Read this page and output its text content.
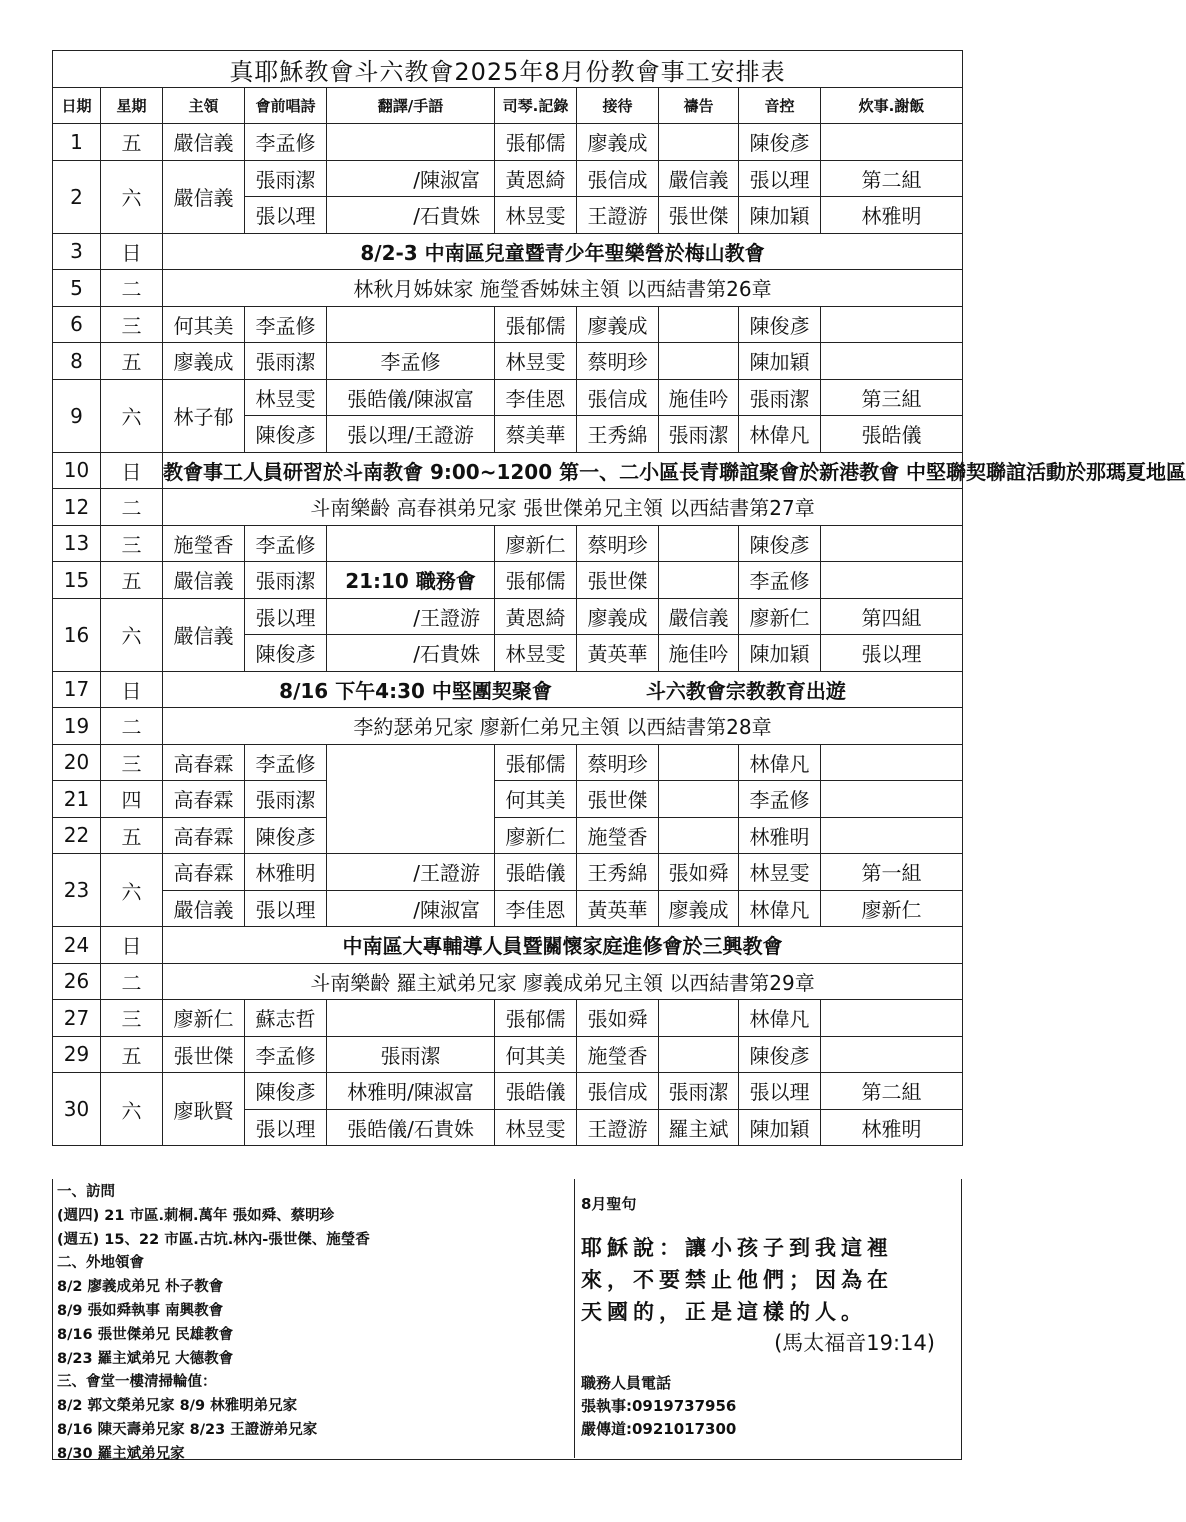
真耶穌教會斗六教會2025年8月份教會事工安排表									
日期	星期	主領	會前唱詩	翻譯/手語	司琴.記錄	接待	禱告	音控	炊事.謝飯
1	五	嚴信義	李孟修		張郁儒	廖義成		陳俊彥	
2	六	嚴信義	張雨潔	/陳淑富	黃恩綺	張信成	嚴信義	張以理	第二組
			張以理	/石貴姝	林昱雯	王證游	張世傑	陳加穎	林雅明
3	日	8/2-3 中南區兒童暨青少年聖樂營於梅山教會							
5	二	林秋月姊妹家 施瑩香姊妹主領 以西結書第26章							
6	三	何其美	李孟修		張郁儒	廖義成		陳俊彥	
8	五	廖義成	張雨潔	李孟修	林昱雯	蔡明珍		陳加穎	
9	六	林子郁	林昱雯	張皓儀/陳淑富	李佳恩	張信成	施佳吟	張雨潔	第三組
			陳俊彥	張以理/王證游	蔡美華	王秀綿	張雨潔	林偉凡	張皓儀
10	日	教會事工人員研習於斗南教會 9:00~1200 第一、二小區長青聯誼聚會於新港教會 中堅聯契聯誼活動於那瑪夏地區							
12	二	斗南樂齡 高春祺弟兄家 張世傑弟兄主領 以西結書第27章							
13	三	施瑩香	李孟修		廖新仁	蔡明珍		陳俊彥	
15	五	嚴信義	張雨潔	21:10 職務會	張郁儒	張世傑		李孟修	
16	六	嚴信義	張以理	/王證游	黃恩綺	廖義成	嚴信義	廖新仁	第四組
			陳俊彥	/石貴姝	林昱雯	黃英華	施佳吟	陳加穎	張以理
17	日	8/16 下午4:30 中堅團契聚會 斗六教會宗教教育出遊							
19	二	李約瑟弟兄家 廖新仁弟兄主領 以西結書第28章							
20	三	高春霖	李孟修		張郁儒	蔡明珍		林偉凡	
21	四	高春霖	張雨潔		何其美	張世傑		李孟修	
22	五	高春霖	陳俊彥		廖新仁	施瑩香		林雅明	
23	六	高春霖	林雅明	/王證游	張皓儀	王秀綿	張如舜	林昱雯	第一組
		嚴信義	張以理	/陳淑富	李佳恩	黃英華	廖義成	林偉凡	廖新仁
24	日	中南區大專輔導人員暨關懷家庭進修會於三興教會							
26	二	斗南樂齡 羅主斌弟兄家 廖義成弟兄主領 以西結書第29章							
27	三	廖新仁	蘇志哲		張郁儒	張如舜		林偉凡	
29	五	張世傑	李孟修	張雨潔	何其美	施瑩香		陳俊彥	
30	六	廖耿賢	陳俊彥	林雅明/陳淑富	張皓儀	張信成	張雨潔	張以理	第二組
			張以理	張皓儀/石貴姝	林昱雯	王證游	羅主斌	陳加穎	林雅明
一、訪問
(週四) 21 市區.莿桐.萬年 張如舜、蔡明珍
(週五) 15、22 市區.古坑.林內-張世傑、施瑩香
二、外地領會
8/2 廖義成弟兄 朴子教會
8/9 張如舜執事 南興教會
8/16 張世傑弟兄 民雄教會
8/23 羅主斌弟兄 大德教會
三、會堂一樓清掃輪值：
8/2 郭文榮弟兄家 8/9 林雅明弟兄家
8/16 陳天壽弟兄家 8/23 王證游弟兄家
8/30 羅主斌弟兄家
8月聖句
耶穌說：讓小孩子到我這裡
來，不要禁止他們；因為在
天國的，正是這樣的人。
(馬太福音19:14)
職務人員電話
張執事:0919737956
嚴傳道:0921017300
